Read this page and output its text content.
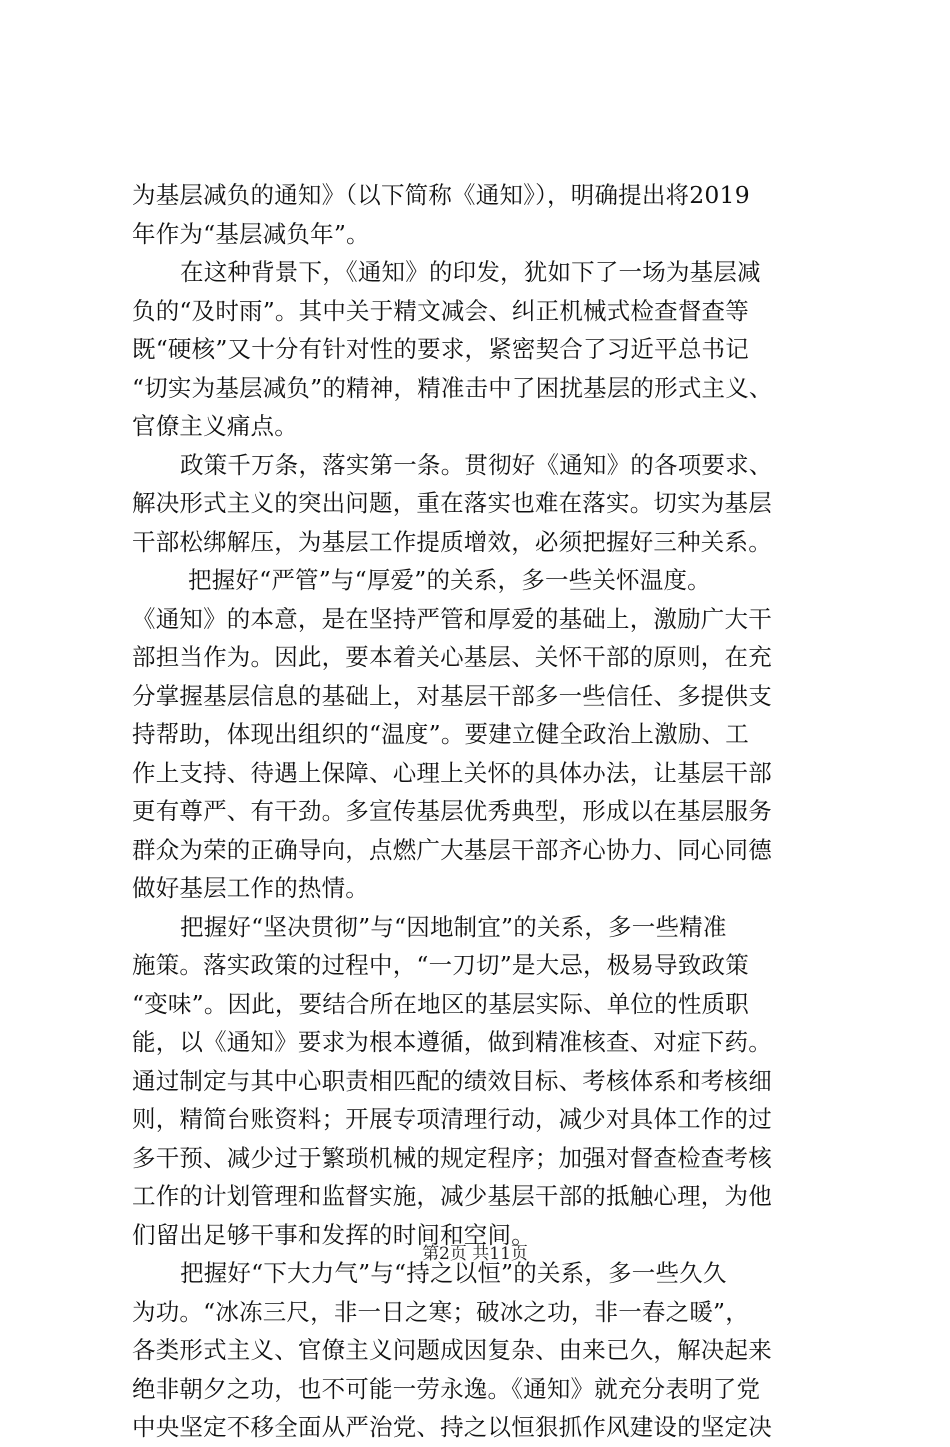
为基层减负的通知》（以下简称《通知》），明确提出将2019
年作为“基层减负年”。
在这种背景下，《通知》的印发，犹如下了一场为基层减
负的“及时雨”。其中关于精文减会、纠正机械式检查督查等
既“硬核”又十分有针对性的要求，紧密契合了习近平总书记
“切实为基层减负”的精神，精准击中了困扰基层的形式主义、
官僚主义痛点。
政策千万条，落实第一条。贯彻好《通知》的各项要求、
解决形式主义的突出问题，重在落实也难在落实。切实为基层
干部松绑解压，为基层工作提质增效，必须把握好三种关系。
把握好“严管”与“厚爱”的关系，多一些关怀温度。
《通知》的本意，是在坚持严管和厚爱的基础上，激励广大干
部担当作为。因此，要本着关心基层、关怀干部的原则，在充
分掌握基层信息的基础上，对基层干部多一些信任、多提供支
持帮助，体现出组织的“温度”。要建立健全政治上激励、工
作上支持、待遇上保障、心理上关怀的具体办法，让基层干部
更有尊严、有干劲。多宣传基层优秀典型，形成以在基层服务
群众为荣的正确导向，点燃广大基层干部齐心协力、同心同德
做好基层工作的热情。
把握好“坚决贯彻”与“因地制宜”的关系，多一些精准
施策。落实政策的过程中，“一刀切”是大忌，极易导致政策
“变味”。因此，要结合所在地区的基层实际、单位的性质职
能，以《通知》要求为根本遵循，做到精准核查、对症下药。
通过制定与其中心职责相匹配的绩效目标、考核体系和考核细
则，精简台账资料；开展专项清理行动，减少对具体工作的过
多干预、减少过于繁琐机械的规定程序；加强对督查检查考核
工作的计划管理和监督实施，减少基层干部的抵触心理，为他
们留出足够干事和发挥的时间和空间。
把握好“下大力气”与“持之以恒”的关系，多一些久久
为功。“冰冻三尺，非一日之寒；破冰之功，非一春之暖”，
各类形式主义、官僚主义问题成因复杂、由来已久，解决起来
绝非朝夕之功，也不可能一劳永逸。《通知》就充分表明了党
中央坚定不移全面从严治党、持之以恒狠抓作风建设的坚定决
第2页 共11页
